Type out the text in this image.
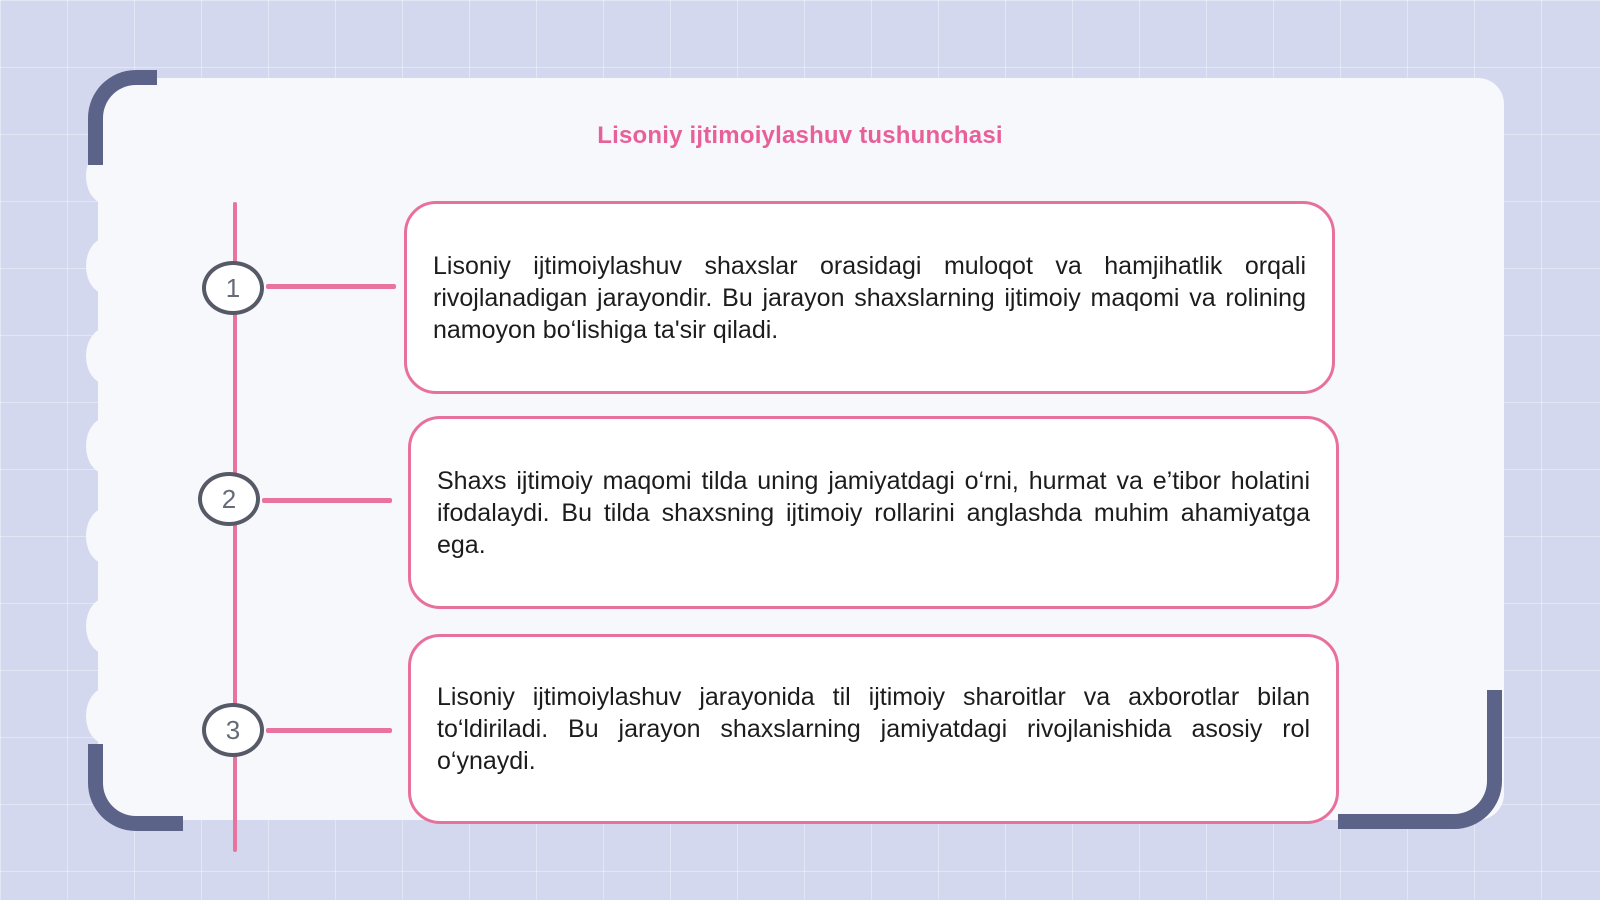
Lisoniy ijtimoiylashuv tushunchasi
1

Lisoniy ijtimoiylashuv shaxslar orasidagi muloqot va hamjihatlik orqali rivojlanadigan jarayondir. Bu jarayon shaxslarning ijtimoiy maqomi va rolining namoyon bo‘lishiga ta'sir qiladi.

2

Shaxs ijtimoiy maqomi tilda uning jamiyatdagi o‘rni, hurmat va e’tibor holatini ifodalaydi. Bu tilda shaxsning ijtimoiy rollarini anglashda muhim ahamiyatga ega.

3

Lisoniy ijtimoiylashuv jarayonida til ijtimoiy sharoitlar va axborotlar bilan to‘ldiriladi. Bu jarayon shaxslarning jamiyatdagi rivojlanishida asosiy rol o‘ynaydi.
